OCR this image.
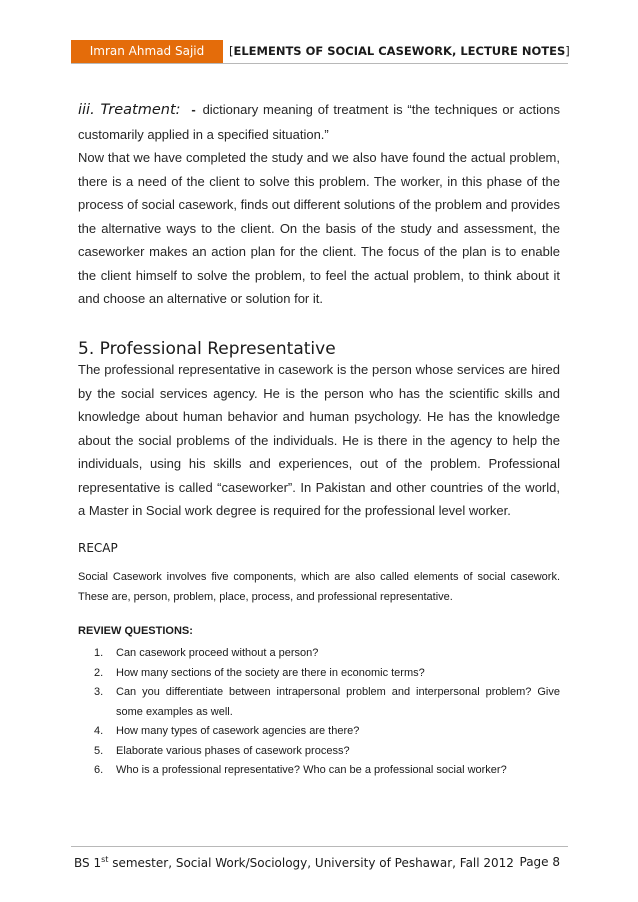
Imran Ahmad Sajid	[ELEMENTS OF SOCIAL CASEWORK, LECTURE NOTES]
iii. Treatment: - dictionary meaning of treatment is “the techniques or actions customarily applied in a specified situation.”
Now that we have completed the study and we also have found the actual problem, there is a need of the client to solve this problem. The worker, in this phase of the process of social casework, finds out different solutions of the problem and provides the alternative ways to the client. On the basis of the study and assessment, the caseworker makes an action plan for the client. The focus of the plan is to enable the client himself to solve the problem, to feel the actual problem, to think about it and choose an alternative or solution for it.
5. Professional Representative
The professional representative in casework is the person whose services are hired by the social services agency. He is the person who has the scientific skills and knowledge about human behavior and human psychology. He has the knowledge about the social problems of the individuals. He is there in the agency to help the individuals, using his skills and experiences, out of the problem. Professional representative is called “caseworker”. In Pakistan and other countries of the world, a Master in Social work degree is required for the professional level worker.
RECAP
Social Casework involves five components, which are also called elements of social casework. These are, person, problem, place, process, and professional representative.
REVIEW QUESTIONS:
1. Can casework proceed without a person?
2. How many sections of the society are there in economic terms?
3. Can you differentiate between intrapersonal problem and interpersonal problem? Give some examples as well.
4. How many types of casework agencies are there?
5. Elaborate various phases of casework process?
6. Who is a professional representative? Who can be a professional social worker?
BS 1st semester, Social Work/Sociology, University of Peshawar, Fall 2012 Page 8
